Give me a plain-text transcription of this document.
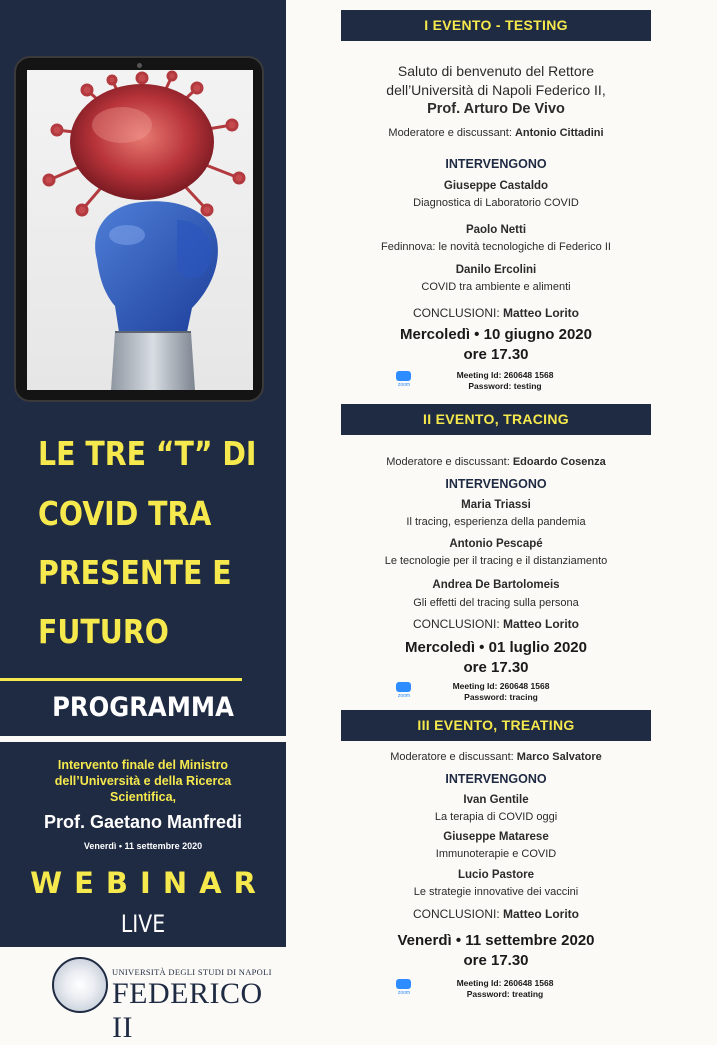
LE TRE “T” DI
COVID TRA
PRESENTE E
FUTURO
PROGRAMMA
Intervento finale del Ministro
dell’Università e della Ricerca
Scientifica,
Prof. Gaetano Manfredi
Venerdì • 11 settembre 2020
WEBINAR
LIVE
UNIVERSITÀ DEGLI STUDI DI NAPOLI
FEDERICO II
I EVENTO - TESTING
Saluto di benvenuto del Rettore
dell’Università di Napoli Federico II,
Prof. Arturo De Vivo
Moderatore e discussant: Antonio Cittadini
INTERVENGONO
Giuseppe Castaldo
Diagnostica di Laboratorio COVID
Paolo Netti
Fedinnova: le novità tecnologiche di Federico II
Danilo Ercolini
COVID tra ambiente e alimenti
CONCLUSIONI: Matteo Lorito
Mercoledì • 10 giugno 2020
ore 17.30
zoom
Meeting Id: 260648 1568
Password: testing
II EVENTO, TRACING
Moderatore e discussant: Edoardo Cosenza
INTERVENGONO
Maria Triassi
Il tracing, esperienza della pandemia
Antonio Pescapé
Le tecnologie per il tracing e il distanziamento
Andrea De Bartolomeis
Gli effetti del tracing sulla persona
CONCLUSIONI: Matteo Lorito
Mercoledì • 01 luglio 2020
ore 17.30
zoom
Meeting Id: 260648 1568
Password: tracing
III EVENTO, TREATING
Moderatore e discussant: Marco Salvatore
INTERVENGONO
Ivan Gentile
La terapia di COVID oggi
Giuseppe Matarese
Immunoterapie e COVID
Lucio Pastore
Le strategie innovative dei vaccini
CONCLUSIONI: Matteo Lorito
Venerdì • 11 settembre 2020
ore 17.30
zoom
Meeting Id: 260648 1568
Password: treating
